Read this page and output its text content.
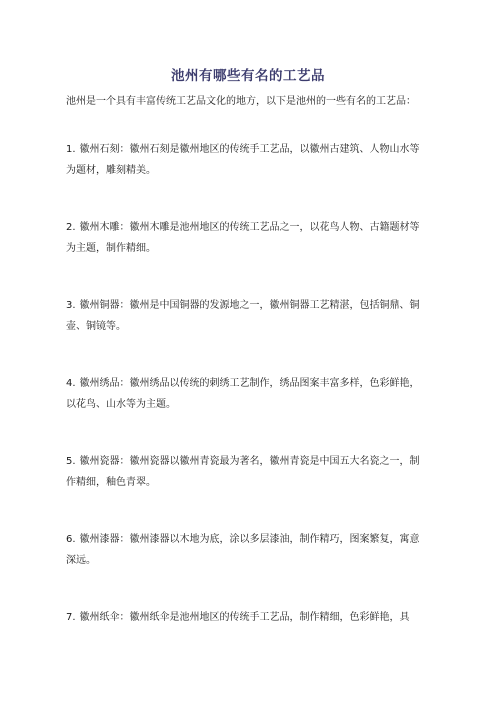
池州有哪些有名的工艺品
池州是一个具有丰富传统工艺品文化的地方，以下是池州的一些有名的工艺品：
1. 徽州石刻：徽州石刻是徽州地区的传统手工艺品，以徽州古建筑、人物山水等为题材，雕刻精美。
2. 徽州木雕：徽州木雕是池州地区的传统工艺品之一，以花鸟人物、古籍题材等为主题，制作精细。
3. 徽州铜器：徽州是中国铜器的发源地之一，徽州铜器工艺精湛，包括铜鼎、铜壶、铜镜等。
4. 徽州绣品：徽州绣品以传统的刺绣工艺制作，绣品图案丰富多样，色彩鲜艳，以花鸟、山水等为主题。
5. 徽州瓷器：徽州瓷器以徽州青瓷最为著名，徽州青瓷是中国五大名瓷之一，制作精细，釉色青翠。
6. 徽州漆器：徽州漆器以木地为底，涂以多层漆油，制作精巧，图案繁复，寓意深远。
7. 徽州纸伞：徽州纸伞是池州地区的传统手工艺品，制作精细，色彩鲜艳，具
